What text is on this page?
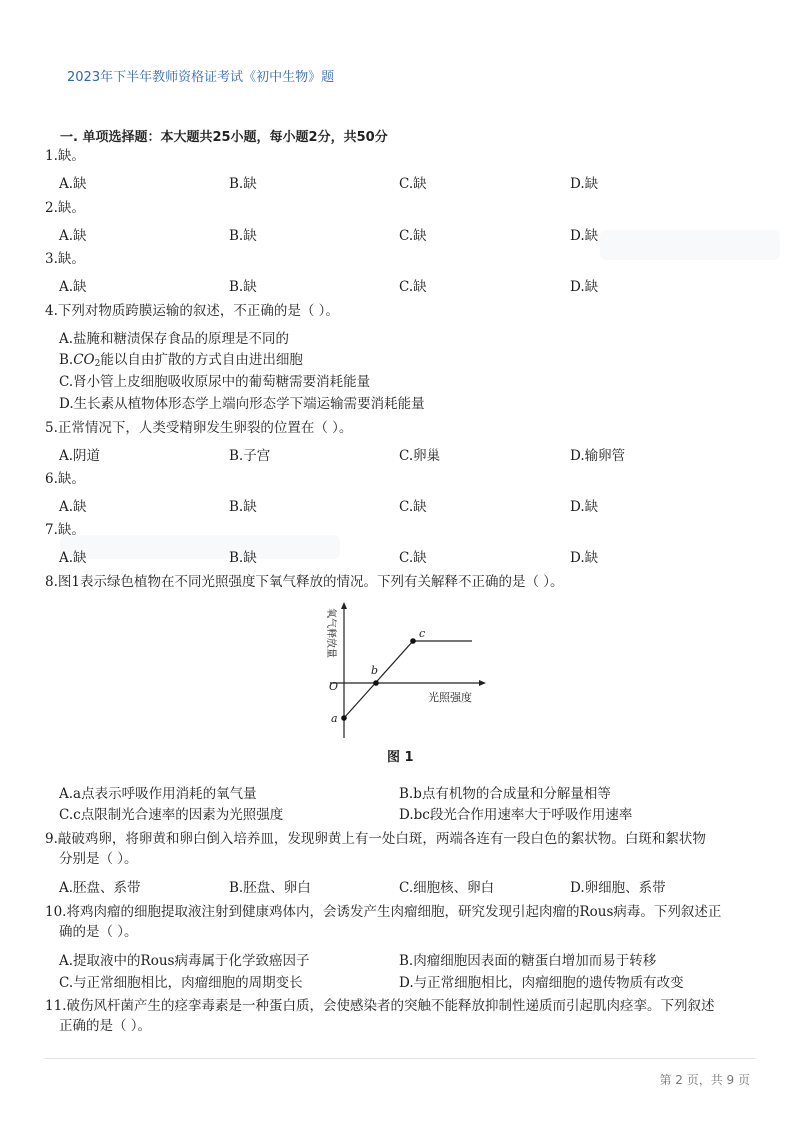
2023年下半年教师资格证考试《初中生物》题
一. 单项选择题：本大题共25小题，每小题2分，共50分
1.缺。
A.缺	B.缺	C.缺	D.缺
2.缺。
A.缺	B.缺	C.缺	D.缺
3.缺。
A.缺	B.缺	C.缺	D.缺
4.下列对物质跨膜运输的叙述，不正确的是（ ）。
A.盐腌和糖渍保存食品的原理是不同的
$B.CO_2$能以自由扩散的方式自由进出细胞
C.肾小管上皮细胞吸收原尿中的葡萄糖需要消耗能量
D.生长素从植物体形态学上端向形态学下端运输需要消耗能量
5.正常情况下，人类受精卵发生卵裂的位置在（ ）。
A.阴道	B.子宫	C.卵巢	D.输卵管
6.缺。
A.缺	B.缺	C.缺	D.缺
7.缺。
A.缺	B.缺	C.缺	D.缺
8.图1表示绿色植物在不同光照强度下氧气释放的情况。下列有关解释不正确的是（ ）。
氧气释放量
光照强度
O
a
b
c
图 1
A.a点表示呼吸作用消耗的氧气量	B.b点有机物的合成量和分解量相等
C.c点限制光合速率的因素为光照强度	D.bc段光合作用速率大于呼吸作用速率
9.敲破鸡卵，将卵黄和卵白倒入培养皿，发现卵黄上有一处白斑，两端各连有一段白色的絮状物。白斑和絮状物
分别是（ ）。
A.胚盘、系带	B.胚盘、卵白	C.细胞核、卵白	D.卵细胞、系带
10.将鸡肉瘤的细胞提取液注射到健康鸡体内，会诱发产生肉瘤细胞，研究发现引起肉瘤的Rous病毒。下列叙述正
确的是（ ）。
A.提取液中的Rous病毒属于化学致癌因子	B.肉瘤细胞因表面的糖蛋白增加而易于转移
C.与正常细胞相比，肉瘤细胞的周期变长	D.与正常细胞相比，肉瘤细胞的遗传物质有改变
11.破伤风杆菌产生的痉挛毒素是一种蛋白质，会使感染者的突触不能释放抑制性递质而引起肌肉痉挛。下列叙述
正确的是（ ）。
第 2 页，共 9 页
